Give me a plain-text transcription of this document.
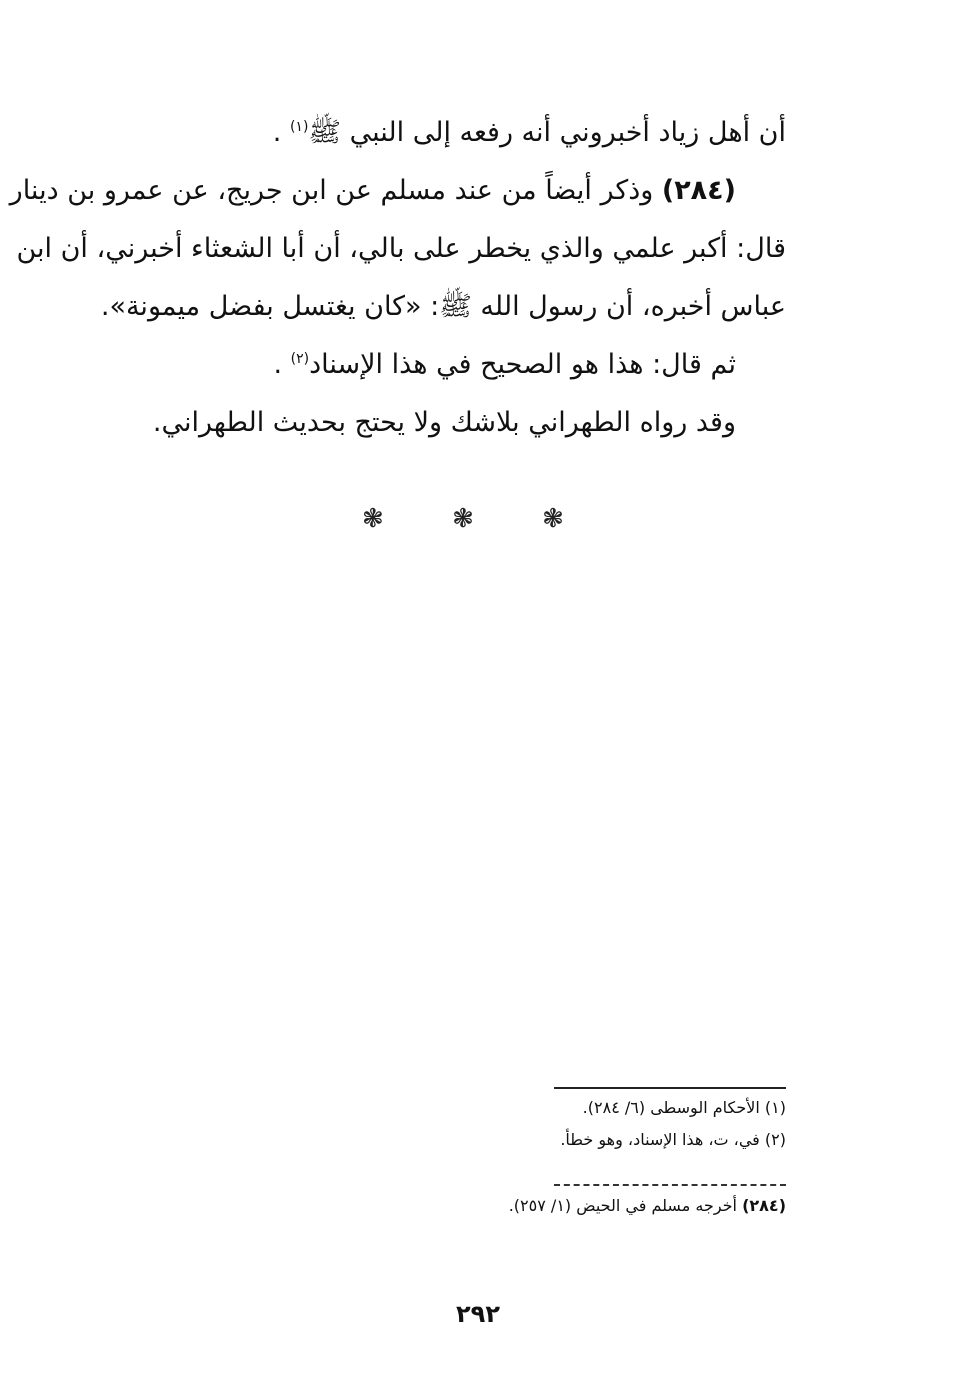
أن أهل زياد أخبروني أنه رفعه إلى النبي ﷺ$^{(١)}$ .

(٢٨٤) وذكر أيضاً من عند مسلم عن ابن جريج، عن عمرو بن دينار

قال: أكبر علمي والذي يخطر على بالي، أن أبا الشعثاء أخبرني، أن ابن

عباس أخبره، أن رسول الله ﷺ: «كان يغتسل بفضل ميمونة».

ثم قال: هذا هو الصحيح في هذا الإسناد$^{(٢)}$ .

وقد رواه الطهراني بلاشك ولا يحتج بحديث الطهراني.

❃ ❃ ❃
(١) الأحكام الوسطى (٦/ ٢٨٤).
(٢) في، ت، هذا الإسناد، وهو خطأ.
(٢٨٤) أخرجه مسلم في الحيض (١/ ٢٥٧).
٢٩٢
